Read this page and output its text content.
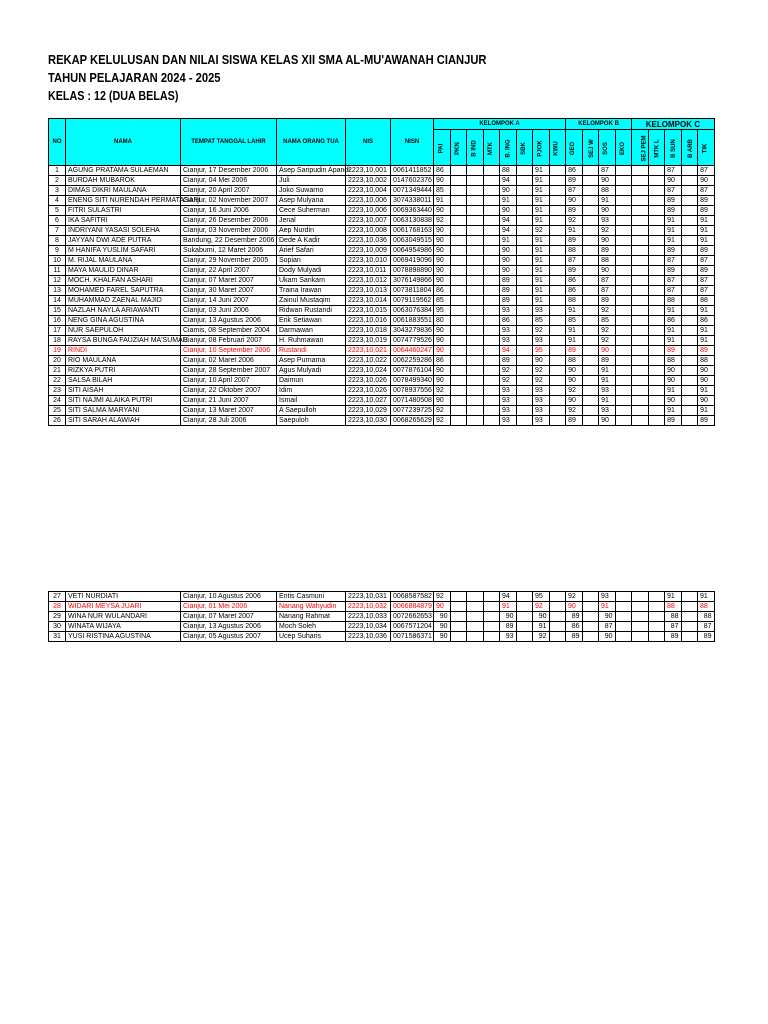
REKAP KELULUSAN DAN NILAI SISWA KELAS XII SMA AL-MU'AWANAH CIANJUR
TAHUN PELAJARAN 2024 - 2025
KELAS : 12 (DUA BELAS)
NO	NAMA	TEMPAT TANGGAL LAHIR	NAMA ORANG TUA	NIS	NISN	KELOMPOK A								KELOMPOK B				KELOMPOK C				
						PAI	PKN	B IND	MTK	B. ING	SBK	PJOK	KWU	GEO	SEJ W	SOS	EKO	SEJ PEM	MTK L	B SUN	B ARB	TIK
1	AGUNG PRATAMA SULAEMAN	Cianjur, 17 Desember 2006	Asep Saripudin Apandi	2223,10,001	0061411852	86				88		91		86		87				87		87
2	BURDAH MUBAROK	Cianjur, 04 Mei 2006	Juli	2223,10,002	0147602376	90				94		91		89		90				90		90
3	DIMAS DIKRI MAULANA	Cianjur, 20 April 2007	Joko Suwarno	2223,10,004	0071349444	85				90		91		87		88				87		87
4	ENENG SITI NURENDAH PERMATASARI	Cianjur, 02 November 2007	Asep Mulyana	2223,10,006	3074338011	91				91		91		90		91				89		89
5	FITRI SULASTRI	Cianjur, 16 Juni 2006	Cece Suherman	2223,10,006	0069363440	90				90		91		89		90				89		89
6	IKA SAFITRI	Cianjur, 26 Desember 2006	Jenal	2223,10,007	0063130838	92				94		91		92		93				91		91
7	INDRIYANI YASASI SOLEHA	Cianjur, 03 November 2006	Aep Nurdin	2223,10,008	0061768163	90				94		92		91		92				91		91
8	JAYYAN DWI ADE PUTRA	Bandung, 22 Desember 2006	Dede A Kadir	2223,10,036	0063049515	90				91		91		89		90				91		91
9	M HANIFA YUSLIM SAFARI	Sukabumi, 12 Maret 2006	Arief Safari	2223,10,009	0064954986	90				90		91		88		89				89		89
10	M. RIJAL MAULANA	Cianjur, 29 November 2005	Sopian	2223,10,010	0069419096	90				90		91		87		88				87		87
11	MAYA MAULID DINAR	Cianjur, 22 April 2007	Dody Mulyadi	2223,10,011	0078898890	90				90		91		89		90				89		89
12	MOCH. KHALFAN ASHARI	Cianjur, 07 Maret 2007	Ukam Sarikam	2223,10,012	3076149866	90				89		91		86		87				87		87
13	MOHAMED FAREL SAPUTRA	Cianjur, 30 Maret 2007	Traina Irawan	2223,10,013	0073811804	86				89		91		86		87				87		87
14	MUHAMMAD ZAENAL MAJID	Cianjur, 14 Juni 2007	Zainul Mustaqim	2223,10,014	0079119562	85				89		91		88		89				88		88
15	NAZLAH NAYLA ARIAWANTI	Cianjur, 03 Juni 2006	Ridwan Rustandi	2223,10,015	0063076384	95				93		93		91		92				91		91
16	NENG GINA AGUSTINA	Cianjur, 13 Agustus 2006	Erik Setiawan	2223,10,016	0061883551	80				86		85		85		85				86		86
17	NUR SAEPULOH	Ciamis, 08 September 2004	Darmawan	2223,10,018	3043279836	90				93		92		91		92				91		91
18	RAYSA BUNGA FAUZIAH MA'SUMAH	Cianjur, 08 Februari 2007	H. Ruhmawan	2223,10,019	0074779526	90				93		93		91		92				91		91
19	RINDI	Cianjur, 10 September 2006	Rustandi	2223,10,021	0064460247	90				94		95		89		90				89		89
20	RIO MAULANA	Cianjur, 02 Maret 2006	Asep Purnama	2223,10,022	0062259286	86				89		90		88		89				88		88
21	RIZKYA PUTRI	Cianjur, 28 September 2007	Agus Mulyadi	2223,10,024	0077876104	90				92		92		90		91				90		90
22	SALSA BILAH	Cianjur, 10 April 2007	Daimun	2223,10,026	0078499340	90				92		92		90		91				90		90
23	SITI AISAH	Cianjur, 22 Oktober 2007	Idim	2223,10,026	0078937556	92				93		93		92		93				91		91
24	SITI NAJMI ALAIKA PUTRI	Cianjur, 21 Juni 2007	Ismail	2223,10,027	0071480508	90				93		93		90		91				90		90
25	SITI SALMA MARYANI	Cianjur, 13 Maret 2007	A Saepulloh	2223,10,029	0077239725	92				93		93		92		93				91		91
26	SITI SARAH ALAWIAH	Cianjur, 28 Juli 2006	Saepuloh	2223,10,030	0068265629	92				93		93		89		90				89		89
27	VETI NURDIATI	Cianjur, 10 Agustus 2006	Entis Casmuni	2223,10,031	0068587582	92				94		95		92		93				91		91
28	WIDARI MEYSA JUARI	Cianjur, 01 Mei 2006	Nanang Wahyudin	2223,10,032	0066884879	90				91		92		90		91				88		88
29	WINA NUR WULANDARI	Cianjur, 07 Maret 2007	Nanang Rahmat	2223,10,033	0072662653	90				90		90		89		90				88		88
30	WINATA WIJAYA	Cianjur, 13 Agustus 2006	Moch Soleh	2223,10,034	0067571204	90				89		91		86		87				87		87
31	YUSI RISTINA AGUSTINA	Cianjur, 05 Agustus 2007	Ucep Suharis	2223,10,036	0071586371	90				93		92		89		90				89		89
